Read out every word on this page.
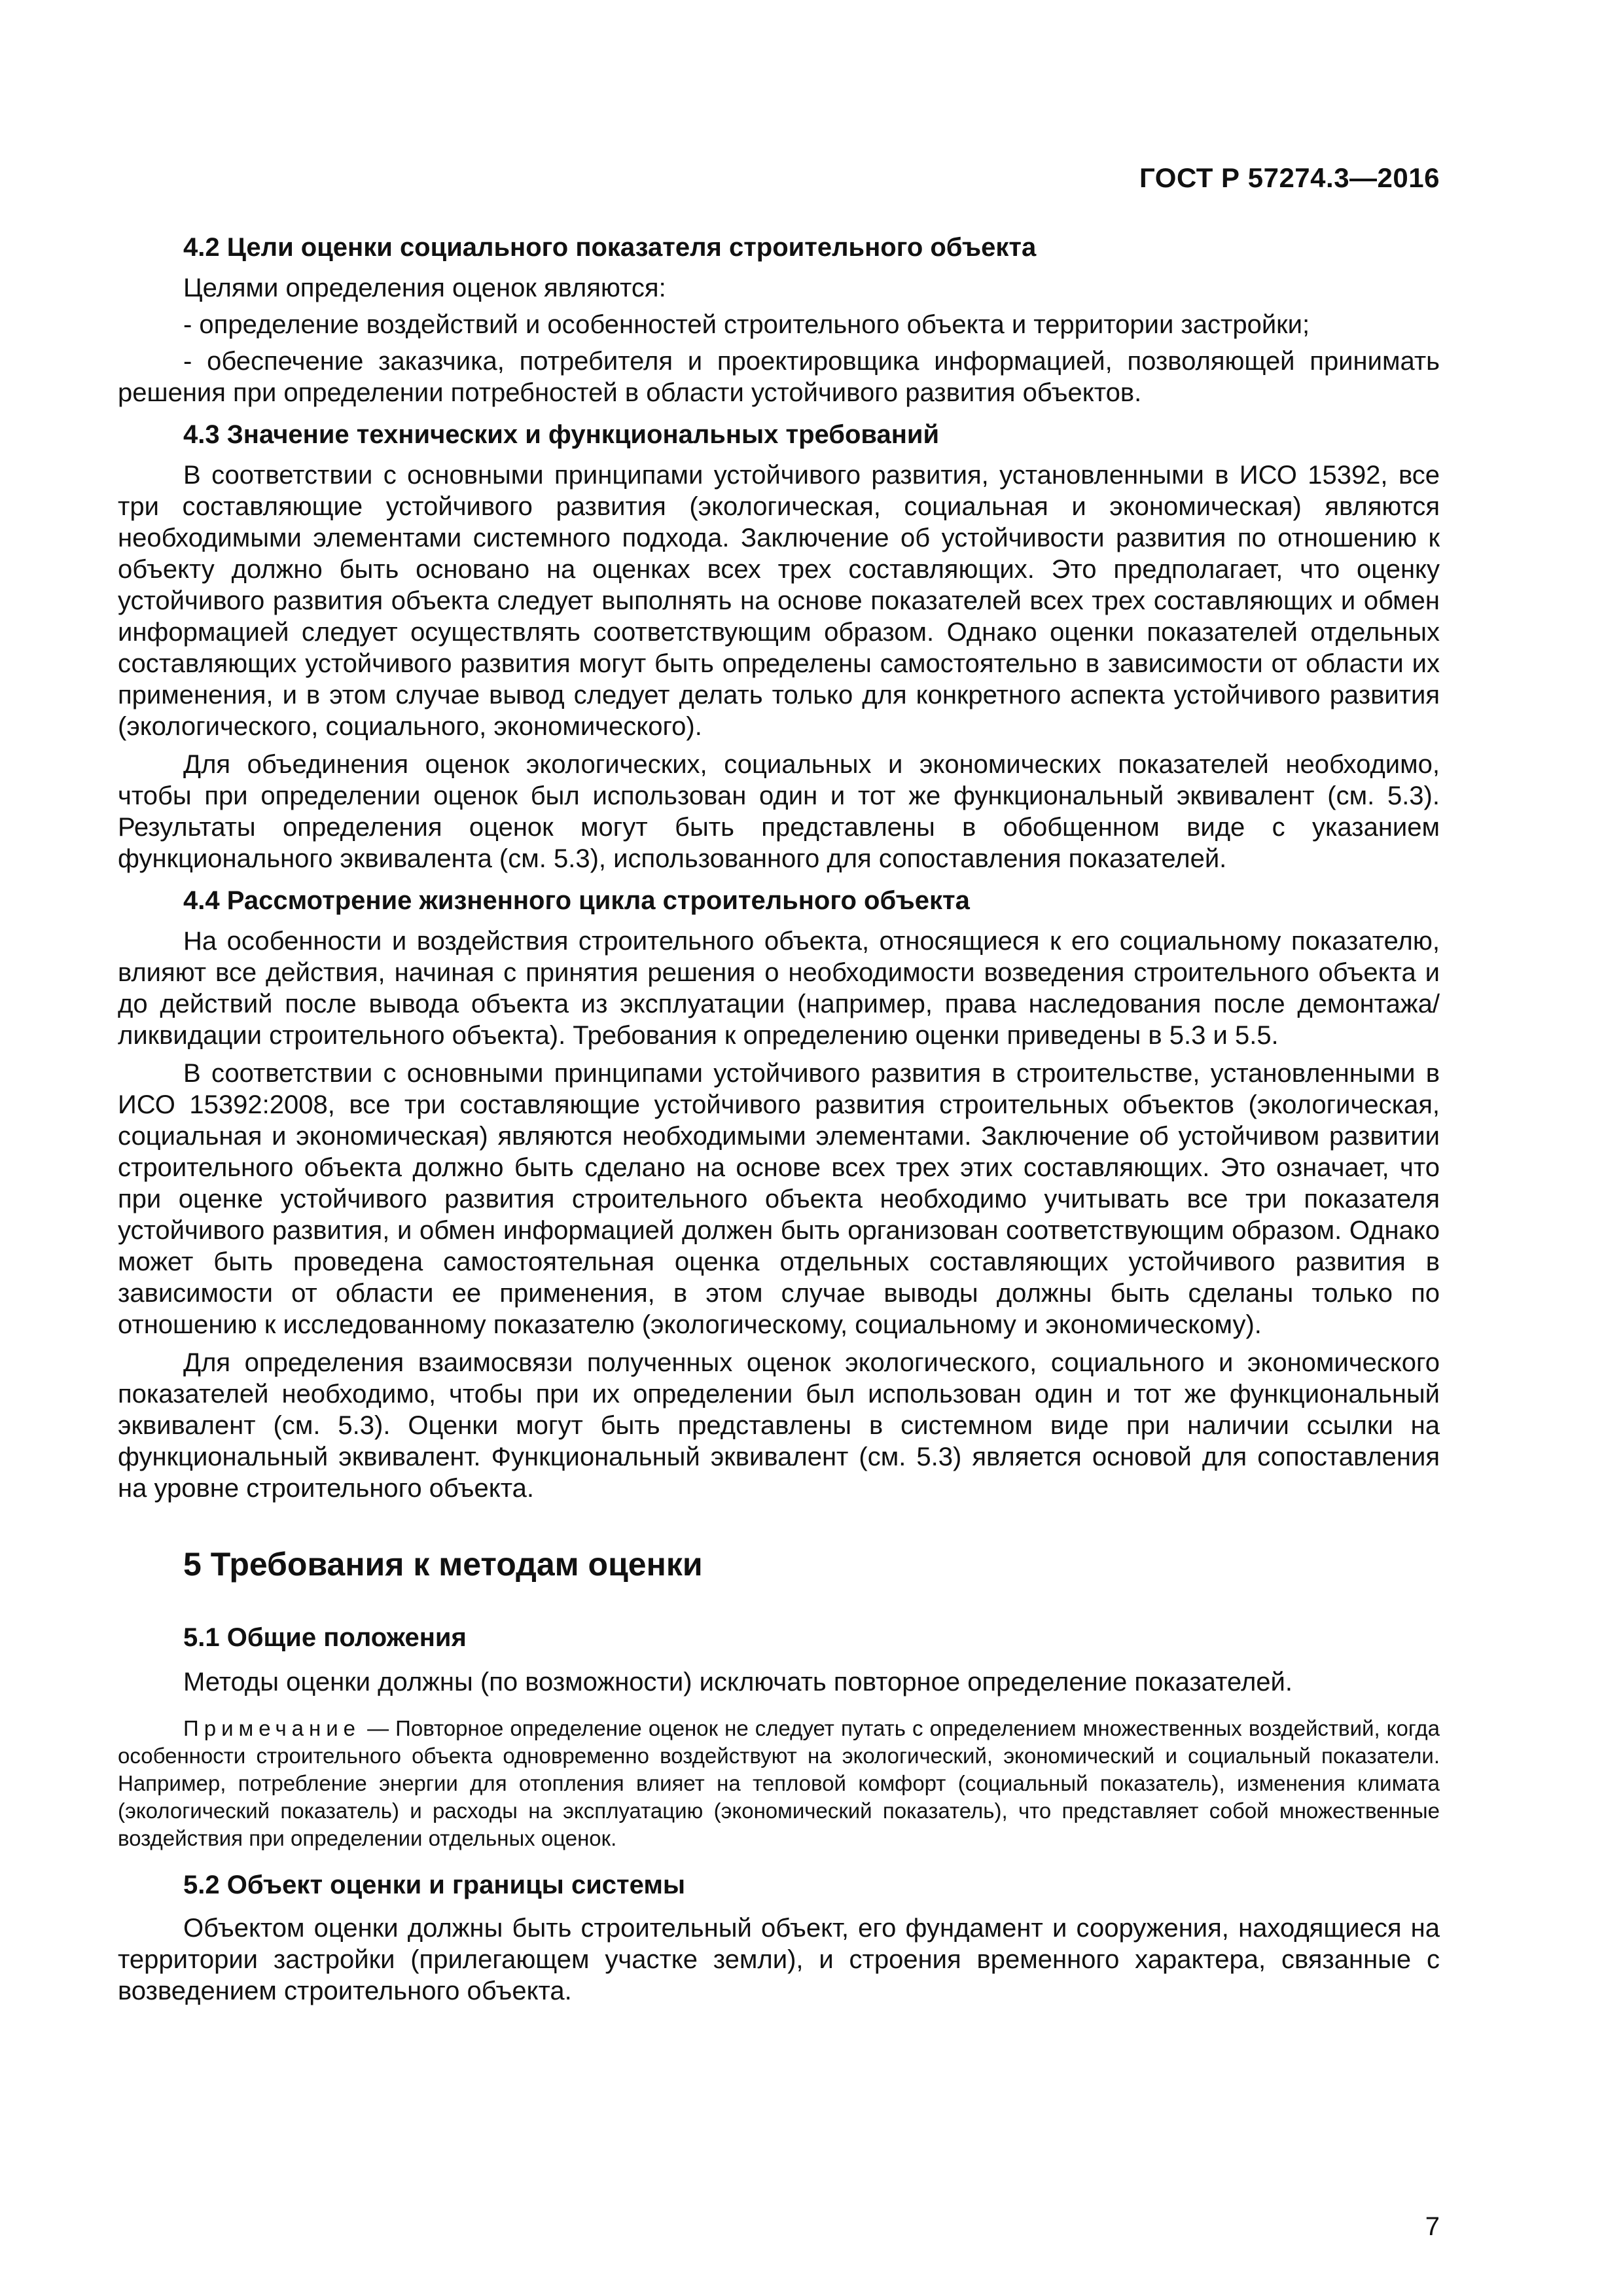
ГОСТ Р 57274.3—2016
4.2 Цели оценки социального показателя строительного объекта

Целями определения оценок являются:

- определение воздействий и особенностей строительного объекта и территории застройки;

- обеспечение заказчика, потребителя и проектировщика информацией, позволяющей принимать решения при определении потребностей в области устойчивого развития объектов.

4.3 Значение технических и функциональных требований

В соответствии с основными принципами устойчивого развития, установленными в ИСО 15392, все три составляющие устойчивого развития (экологическая, социальная и экономическая) являются необходимыми элементами системного подхода. Заключение об устойчивости развития по отношению к объекту должно быть основано на оценках всех трех составляющих. Это предполагает, что оценку устойчивого развития объекта следует выполнять на основе показателей всех трех составляющих и обмен информацией следует осуществлять соответствующим образом. Однако оценки показателей отдельных составляющих устойчивого развития могут быть определены самостоятельно в зависимости от области их применения, и в этом случае вывод следует делать только для конкретного аспекта устойчивого развития (экологического, социального, экономического).

Для объединения оценок экологических, социальных и экономических показателей необходимо, чтобы при определении оценок был использован один и тот же функциональный эквивалент (см. 5.3). Результаты определения оценок могут быть представлены в обобщенном виде с указанием функционального эквивалента (см. 5.3), использованного для сопоставления показателей.

4.4 Рассмотрение жизненного цикла строительного объекта

На особенности и воздействия строительного объекта, относящиеся к его социальному показателю, влияют все действия, начиная с принятия решения о необходимости возведения строительного объекта и до действий после вывода объекта из эксплуатации (например, права наследования после демонтажа/ликвидации строительного объекта). Требования к определению оценки приведены в 5.3 и 5.5.

В соответствии с основными принципами устойчивого развития в строительстве, установленными в ИСО 15392:2008, все три составляющие устойчивого развития строительных объектов (экологическая, социальная и экономическая) являются необходимыми элементами. Заключение об устойчивом развитии строительного объекта должно быть сделано на основе всех трех этих составляющих. Это означает, что при оценке устойчивого развития строительного объекта необходимо учитывать все три показателя устойчивого развития, и обмен информацией должен быть организован соответствующим образом. Однако может быть проведена самостоятельная оценка отдельных составляющих устойчивого развития в зависимости от области ее применения, в этом случае выводы должны быть сделаны только по отношению к исследованному показателю (экологическому, социальному и экономическому).

Для определения взаимосвязи полученных оценок экологического, социального и экономического показателей необходимо, чтобы при их определении был использован один и тот же функциональный эквивалент (см. 5.3). Оценки могут быть представлены в системном виде при наличии ссылки на функциональный эквивалент. Функциональный эквивалент (см. 5.3) является основой для сопоставления на уровне строительного объекта.

5 Требования к методам оценки
5.1 Общие положения

Методы оценки должны (по возможности) исключать повторное определение показателей.

Примечание — Повторное определение оценок не следует путать с определением множественных воздействий, когда особенности строительного объекта одновременно воздействуют на экологический, экономический и социальный показатели. Например, потребление энергии для отопления влияет на тепловой комфорт (социальный показатель), изменения климата (экологический показатель) и расходы на эксплуатацию (экономический показатель), что представляет собой множественные воздействия при определении отдельных оценок.

5.2 Объект оценки и границы системы

Объектом оценки должны быть строительный объект, его фундамент и сооружения, находящиеся на территории застройки (прилегающем участке земли), и строения временного характера, связанные с возведением строительного объекта.

7
